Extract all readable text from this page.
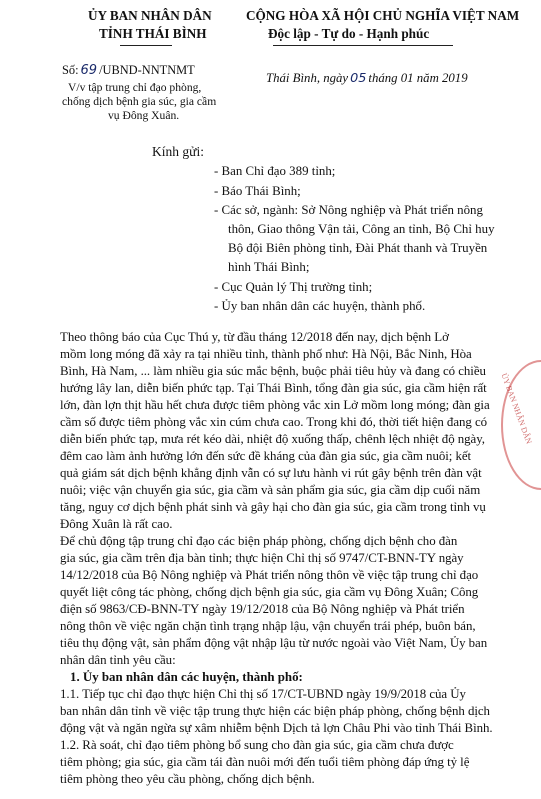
ỦY BAN NHÂN DÂN
TỈNH THÁI BÌNH
CỘNG HÒA XÃ HỘI CHỦ NGHĨA VIỆT NAM
Độc lập - Tự do - Hạnh phúc
Số: 69 /UBND-NNTNMT
V/v tập trung chỉ đạo phòng,
chống dịch bệnh gia súc, gia cầm
vụ Đông Xuân.
Thái Bình, ngày 05 tháng 01 năm 2019
Kính gửi:
- Ban Chỉ đạo 389 tỉnh;
- Báo Thái Bình;
- Các sở, ngành: Sở Nông nghiệp và Phát triển nông
thôn, Giao thông Vận tải, Công an tỉnh, Bộ Chỉ huy
Bộ đội Biên phòng tỉnh, Đài Phát thanh và Truyền
hình Thái Bình;
- Cục Quản lý Thị trường tỉnh;
- Ủy ban nhân dân các huyện, thành phố.
Theo thông báo của Cục Thú y, từ đầu tháng 12/2018 đến nay, dịch bệnh Lở
mồm long móng đã xảy ra tại nhiều tỉnh, thành phố như: Hà Nội, Bắc Ninh, Hòa
Bình, Hà Nam, ... làm nhiều gia súc mắc bệnh, buộc phải tiêu hủy và đang có chiều
hướng lây lan, diễn biến phức tạp. Tại Thái Bình, tổng đàn gia súc, gia cầm hiện rất
lớn, đàn lợn thịt hầu hết chưa được tiêm phòng vắc xin Lở mồm long móng; đàn gia
cầm số được tiêm phòng vắc xin cúm chưa cao. Trong khi đó, thời tiết hiện đang có
diễn biến phức tạp, mưa rét kéo dài, nhiệt độ xuống thấp, chênh lệch nhiệt độ ngày,
đêm cao làm ảnh hưởng lớn đến sức đề kháng của đàn gia súc, gia cầm nuôi; kết
quả giám sát dịch bệnh khẳng định vẫn có sự lưu hành vi rút gây bệnh trên đàn vật
nuôi; việc vận chuyển gia súc, gia cầm và sản phẩm gia súc, gia cầm dịp cuối năm
tăng, nguy cơ dịch bệnh phát sinh và gây hại cho đàn gia súc, gia cầm trong tỉnh vụ
Đông Xuân là rất cao.
Để chủ động tập trung chỉ đạo các biện pháp phòng, chống dịch bệnh cho đàn
gia súc, gia cầm trên địa bàn tỉnh; thực hiện Chỉ thị số 9747/CT-BNN-TY ngày
14/12/2018 của Bộ Nông nghiệp và Phát triển nông thôn về việc tập trung chỉ đạo
quyết liệt công tác phòng, chống dịch bệnh gia súc, gia cầm vụ Đông Xuân; Công
điện số 9863/CĐ-BNN-TY ngày 19/12/2018 của Bộ Nông nghiệp và Phát triển
nông thôn về việc ngăn chặn tình trạng nhập lậu, vận chuyển trái phép, buôn bán,
tiêu thụ động vật, sản phẩm động vật nhập lậu từ nước ngoài vào Việt Nam, Ủy ban
nhân dân tỉnh yêu cầu:
1. Ủy ban nhân dân các huyện, thành phố:
1.1. Tiếp tục chỉ đạo thực hiện Chỉ thị số 17/CT-UBND ngày 19/9/2018 của Ủy
ban nhân dân tỉnh về việc tập trung thực hiện các biện pháp phòng, chống bệnh dịch
động vật và ngăn ngừa sự xâm nhiễm bệnh Dịch tả lợn Châu Phi vào tỉnh Thái Bình.
1.2. Rà soát, chỉ đạo tiêm phòng bổ sung cho đàn gia súc, gia cầm chưa được
tiêm phòng; gia súc, gia cầm tái đàn nuôi mới đến tuổi tiêm phòng đáp ứng tỷ lệ
tiêm phòng theo yêu cầu phòng, chống dịch bệnh.
ỦY BAN NHÂN DÂN
